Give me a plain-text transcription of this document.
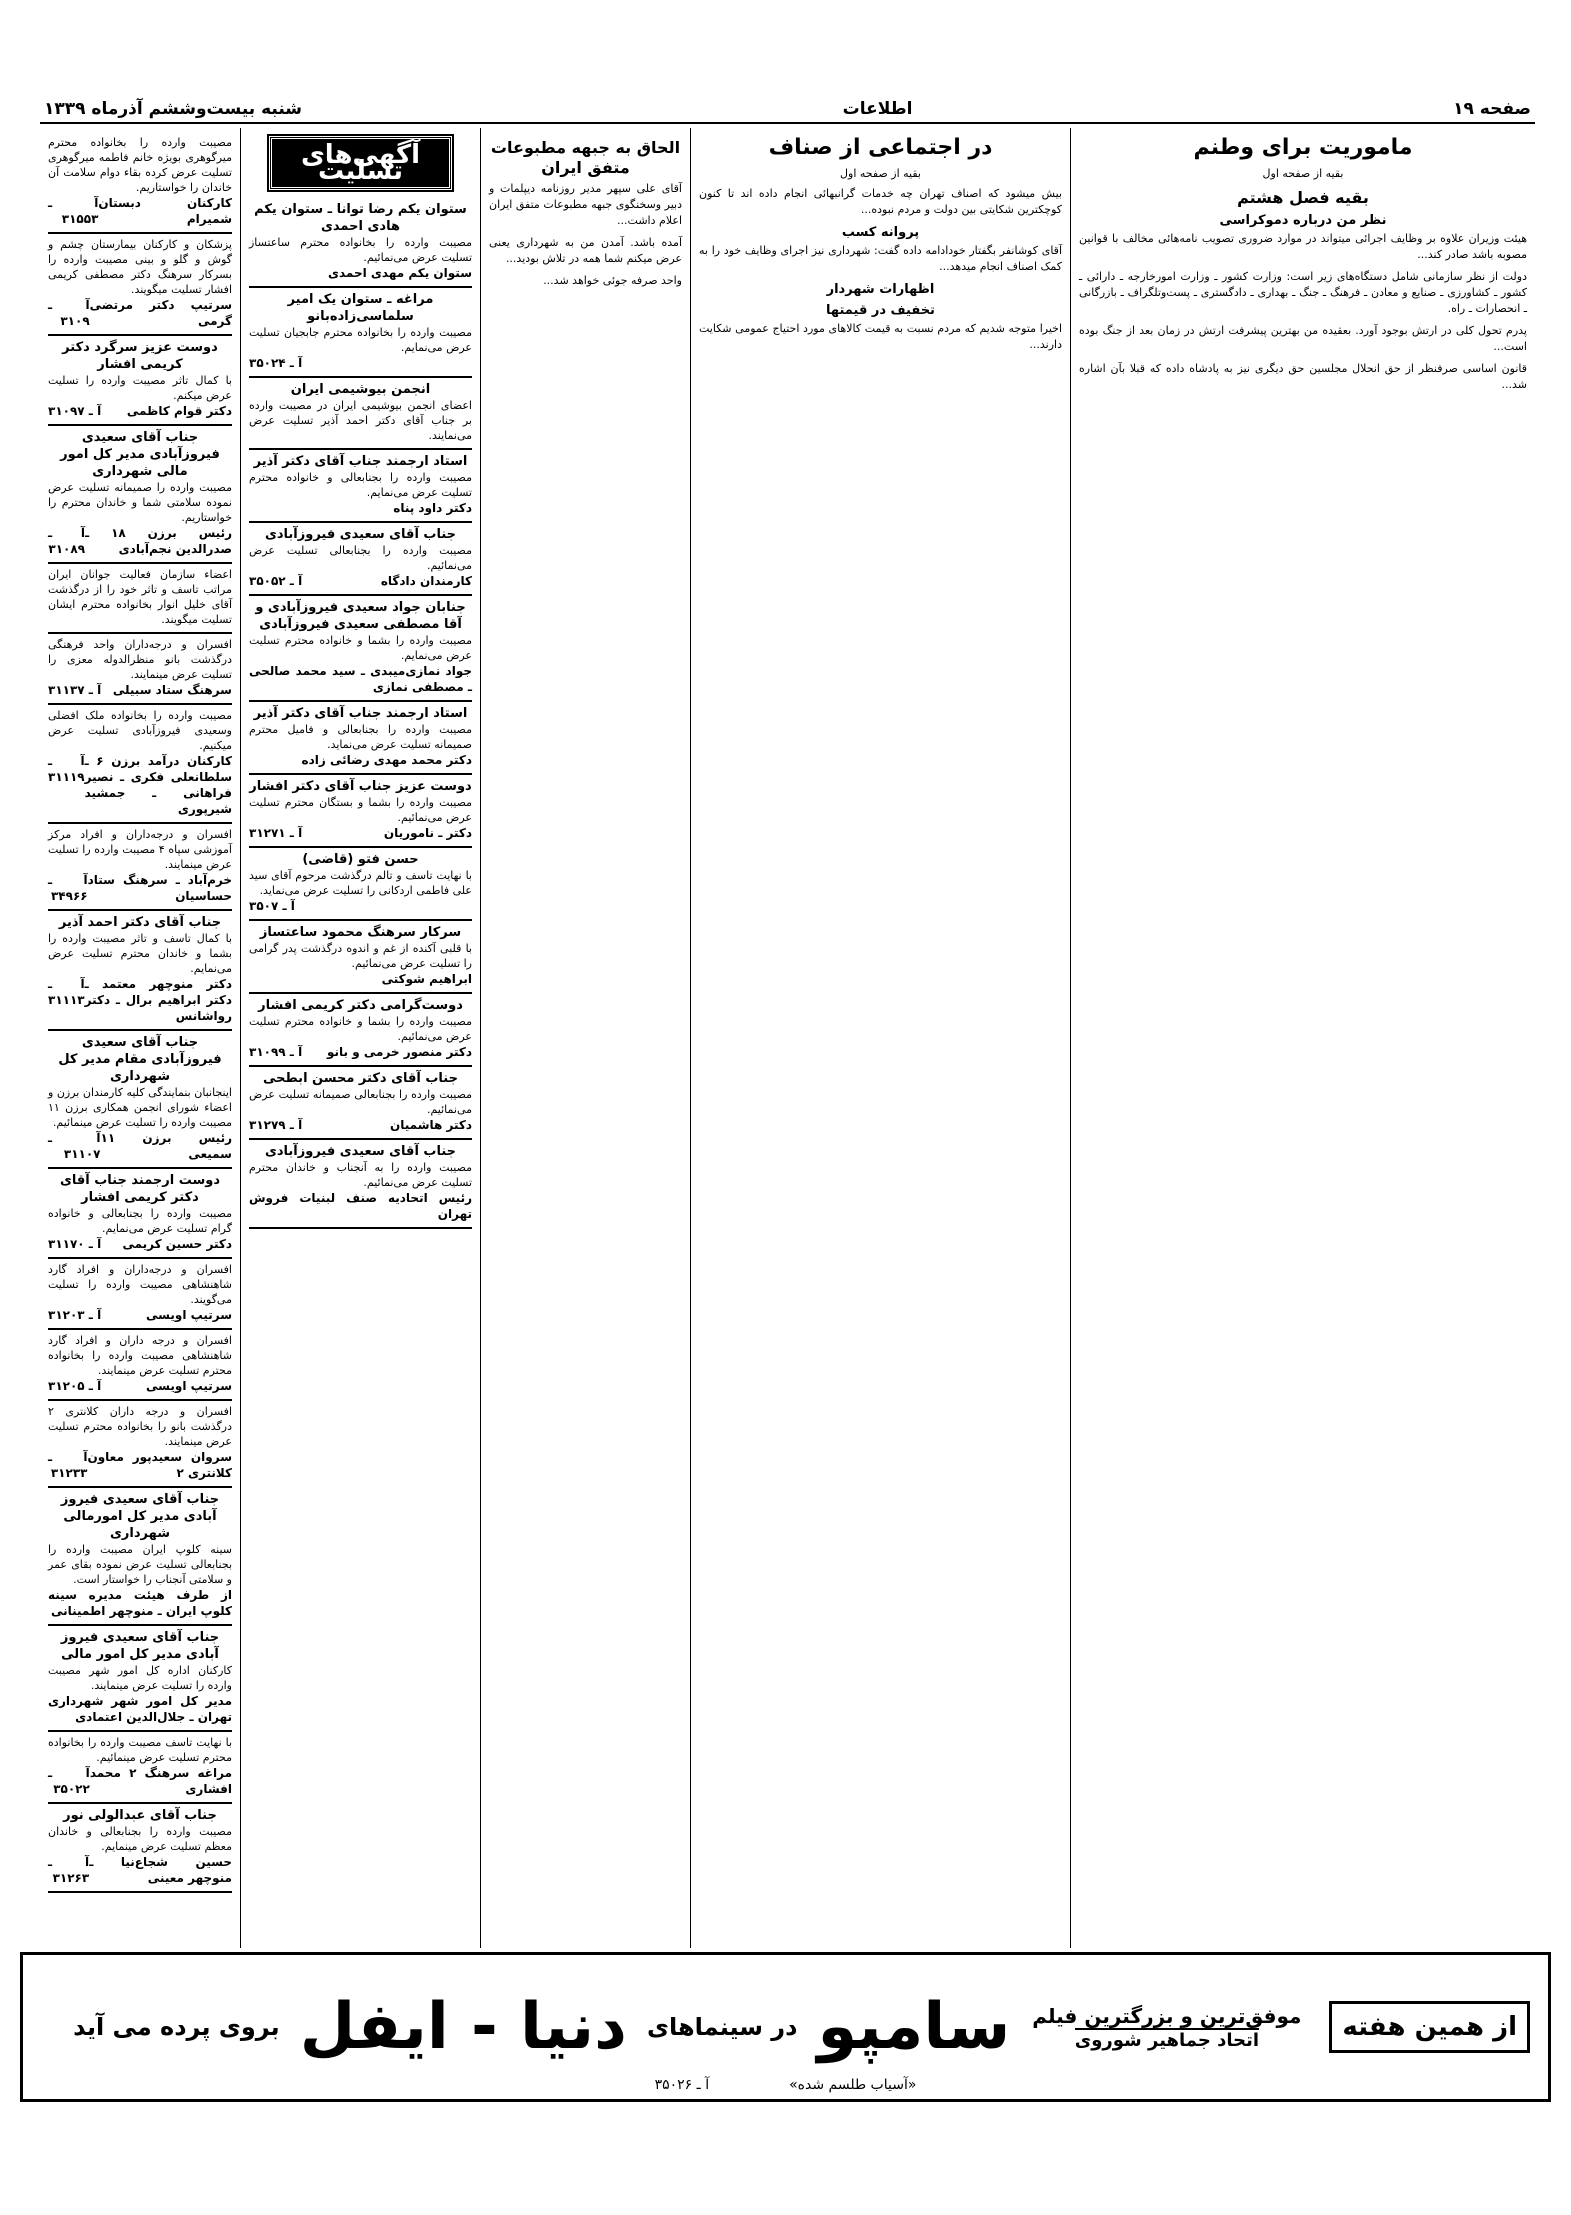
صفحه ۱۹
اطلاعات
شنبه بیست‌وششم آذرماه ۱۳۳۹
ماموریت برای وطنم
بقیه از صفحه اول
بقیه فصل هشتم
نظر من درباره دموکراسی

هیئت وزیران علاوه بر وظایف اجرائی میتواند در موارد ضروری تصویب نامه‌هائی مخالف با قوانین مصوبه باشد صادر کند...

دولت از نظر سازمانی شامل دستگاه‌های زیر است: وزارت کشور ـ وزارت امورخارجه ـ دارائی ـ کشور ـ کشاورزی ـ صنایع و معادن ـ فرهنگ ـ جنگ ـ بهداری ـ دادگستری ـ پست‌وتلگراف ـ بازرگانی ـ انحصارات ـ راه.

پدرم تحول کلی در ارتش بوجود آورد. بعقیده من بهترین پیشرفت ارتش در زمان بعد از جنگ بوده است...

قانون اساسی صرفنظر از حق انحلال مجلسین حق دیگری نیز به پادشاه داده که قبلا بآن اشاره شد...

در اجتماعی از صناف
بقیه از صفحه اول

بیش میشود که اصناف تهران چه خدمات گرانبهائی انجام داده اند تا کنون کوچکترین شکایتی بین دولت و مردم نبوده...

پروانه کسب

آقای کوشانفر بگفتار خودادامه داده گفت: شهرداری نیز اجرای وظایف خود را به کمک اصناف انجام میدهد...

اظهارات شهردار
تخفیف در قیمتها

اخیرا متوجه شدیم که مردم نسبت به قیمت کالاهای مورد احتیاج عمومی شکایت دارند...

الحاق به جبهه مطبوعات متفق ایران

آقای علی سپهر مدیر روزنامه دیپلمات و دبیر وسخنگوی جبهه مطبوعات متفق ایران اعلام داشت...

آمده باشد. آمدن من به شهرداری یعنی عرض میکنم شما همه در تلاش بودید...

واحد صرفه جوئی خواهد شد...

آگهی‌های تسلیت
ستوان یکم رضا توانا ـ ستوان یکم هادی احمدی
مصیبت وارده را بخانواده محترم ساعتساز تسلیت عرض می‌نمائیم.
ستوان یکم مهدی احمدی
مراغه ـ ستوان یک امیر سلماسی‌زاده‌بانو
مصیبت وارده را بخانواده محترم جابجیان تسلیت عرض می‌نمایم.
آ ـ ۳۵۰۲۴
انجمن بیوشیمی ایران
اعضای انجمن بیوشیمی ایران در مصیبت وارده بر جناب آقای دکتر احمد آذیر تسلیت عرض می‌نمایند.
استاد ارجمند جناب آقای دکتر آذیر
مصیبت وارده را بجنابعالی و خانواده محترم تسلیت عرض می‌نمایم.
دکتر داود پناه
جناب آقای سعیدی فیروزآبادی
مصیبت وارده را بجنابعالی تسلیت عرض می‌نمائیم.
کارمندان دادگاه
آ ـ ۳۵۰۵۲
جنابان جواد سعیدی فیروزآبادی و آقا مصطفی سعیدی فیروزآبادی
مصیبت وارده را بشما و خانواده محترم تسلیت عرض می‌نمایم.
جواد نمازی‌میبدی ـ سید محمد صالحی ـ مصطفی نمازی
استاد ارجمند جناب آقای دکتر آذیر
مصیبت وارده را بجنابعالی و فامیل محترم صمیمانه تسلیت عرض می‌نماید.
دکتر محمد مهدی رضائی زاده
دوست عزیز جناب آقای دکتر افشار
مصیبت وارده را بشما و بستگان محترم تسلیت عرض می‌نمائیم.
دکتر ـ ناموریان
آ ـ ۳۱۲۷۱
حسن فتو (قاضی)
با نهایت تاسف و تالم درگذشت مرحوم آقای سید علی فاطمی اردکانی را تسلیت عرض می‌نماید.
آ ـ ۳۵۰۷
سرکار سرهنگ محمود ساعتساز
با قلبی آکنده از غم و اندوه درگذشت پدر گرامی را تسلیت عرض می‌نمائیم.
ابراهیم شوکتی
دوست‌گرامی دکتر کریمی افشار
مصیبت وارده را بشما و خانواده محترم تسلیت عرض می‌نمائیم.
دکتر منصور خرمی و بانو
آ ـ ۳۱۰۹۹
جناب آقای دکتر محسن ابطحی
مصیبت وارده را بجنابعالی صمیمانه تسلیت عرض می‌نمائیم.
دکتر هاشمیان
آ ـ ۳۱۲۷۹
جناب آقای سعیدی فیروزآبادی
مصیبت وارده را به آنجناب و خاندان محترم تسلیت عرض می‌نمائیم.
رئیس اتحادیه صنف لبنیات فروش تهران
مصیبت وارده را بخانواده محترم میرگوهری بویژه خانم فاطمه میرگوهری تسلیت عرض کرده بقاء دوام سلامت آن خاندان را خواستاریم.
کارکنان دبستان شمیرام
آ ـ ۳۱۵۵۳
پزشکان و کارکنان بیمارستان چشم و گوش و گلو و بینی مصیبت وارده را بسرکار سرهنگ دکتر مصطفی کریمی افشار تسلیت میگویند.
سرتیپ دکتر مرتضی گرمی
آ ـ ۳۱۰۹
دوست عزیز سرگرد دکتر کریمی افشار
با کمال تاثر مصیبت وارده را تسلیت عرض میکنم.
دکتر قوام کاظمی
آ ـ ۳۱۰۹۷
جناب آقای سعیدی فیروزآبادی مدیر کل امور مالی شهرداری
مصیبت وارده را صمیمانه تسلیت عرض نموده سلامتی شما و خاندان محترم را خواستاریم.
رئیس برزن ۱۸ ـ صدرالدین نجم‌آبادی
آ ـ ۳۱۰۸۹
اعضاء سازمان فعالیت جوانان ایران مراتب تاسف و تاثر خود را از درگذشت آقای خلیل انوار بخانواده محترم ایشان تسلیت میگویند.
افسران و درجه‌داران واحد فرهنگی درگذشت بانو منظرالدوله معزی را تسلیت عرض مینمایند.
سرهنگ ستاد سبیلی
آ ـ ۳۱۱۳۷
مصیبت وارده را بخانواده ملک افضلی وسعیدی فیروزآبادی تسلیت عرض میکنیم.
کارکنان درآمد برزن ۶ ـ سلطانعلی فکری ـ نصیر فراهانی ـ جمشید شیرپوری
آ ـ ۳۱۱۱۹
افسران و درجه‌داران و افراد مرکز آموزشی سپاه ۴ مصیبت وارده را تسلیت عرض مینمایند.
خرم‌آباد ـ سرهنگ ستاد حساسیان
آ ـ ۳۴۹۶۶
جناب آقای دکتر احمد آذیر
با کمال تاسف و تاثر مصیبت وارده را بشما و خاندان محترم تسلیت عرض می‌نمایم.
دکتر منوچهر معتمد ـ دکتر ابراهیم برال ـ دکتر رواشانس
آ ـ ۳۱۱۱۳
جناب آقای سعیدی فیروزآبادی مقام مدیر کل شهرداری
اینجانبان بنمایندگی کلیه کارمندان برزن و اعضاء شورای انجمن همکاری برزن ۱۱ مصیبت وارده را تسلیت عرض مینمائیم.
رئیس برزن ۱۱ سمیعی
آ ـ ۳۱۱۰۷
دوست ارجمند جناب آقای دکتر کریمی افشار
مصیبت وارده را بجنابعالی و خانواده گرام تسلیت عرض می‌نمایم.
دکتر حسین کریمی
آ ـ ۳۱۱۷۰
افسران و درجه‌داران و افراد گارد شاهنشاهی مصیبت وارده را تسلیت می‌گویند.
سرتیپ اویسی
آ ـ ۳۱۲۰۳
افسران و درجه داران و افراد گارد شاهنشاهی مصیبت وارده را بخانواده محترم تسلیت عرض مینمایند.
سرتیپ اویسی
آ ـ ۳۱۲۰۵
افسران و درجه داران کلانتری ۲ درگذشت بانو را بخانواده محترم تسلیت عرض مینمایند.
سروان سعیدپور معاون کلانتری ۲
آ ـ ۳۱۲۳۳
جناب آقای سعیدی فیروز آبادی مدیر کل امورمالی شهرداری
سینه کلوپ ایران مصیبت وارده را بجنابعالی تسلیت عرض نموده بقای عمر و سلامتی آنجناب را خواستار است.
از طرف هیئت مدیره سینه کلوپ ایران ـ منوچهر اطمینانی
جناب آقای سعیدی فیروز آبادی مدیر کل امور مالی
کارکنان اداره کل امور شهر مصیبت وارده را تسلیت عرض مینمایند.
مدیر کل امور شهر شهرداری تهران ـ جلال‌الدین اعتمادی
با نهایت تاسف مصیبت وارده را بخانواده محترم تسلیت عرض مینمائیم.
مراغه سرهنگ ۲ محمد افشاری
آ ـ ۳۵۰۲۲
جناب آقای عبدالولی نور
مصیبت وارده را بجنابعالی و خاندان معظم تسلیت عرض مینمایم.
حسین شجاع‌نیا ـ منوچهر معینی
آ ـ ۳۱۲۶۳
از همین هفته
موفق‌ترین و بزرگترین فیلم
اتحاد جماهیر شوروی
سامپو
در سینماهای
دنیا - ایفل
بروی پرده می آید
«آسیاب طلسم شده»
آ ـ ۳۵۰۲۶
